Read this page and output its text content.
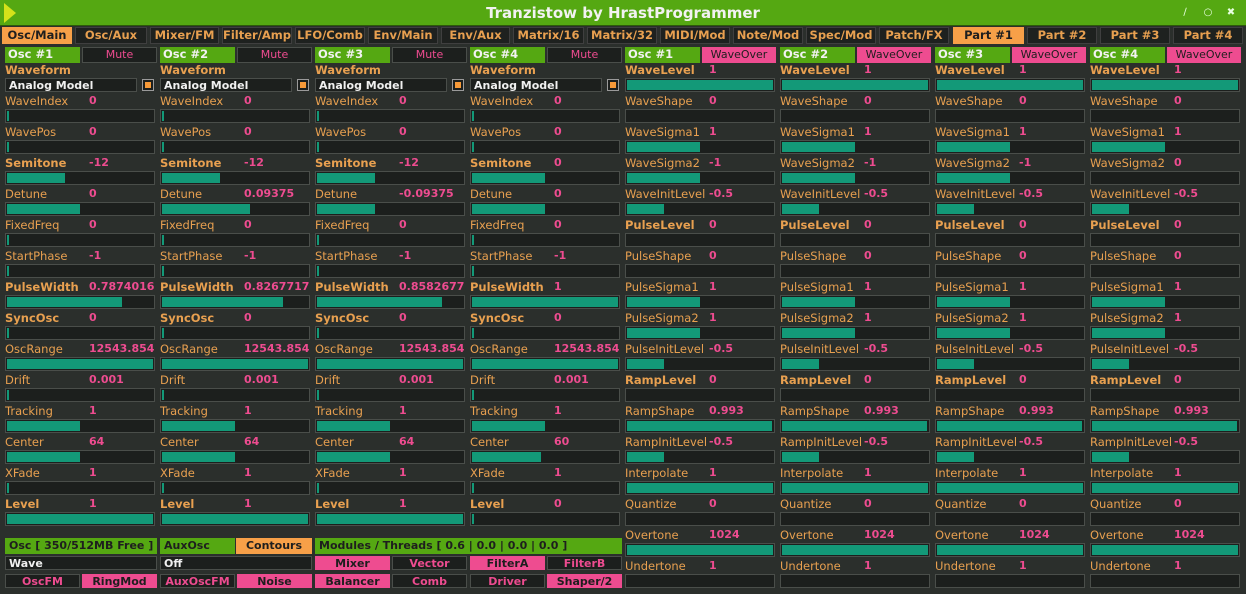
Tranzistow by HrastProgrammer	∕	○	✖
Osc/Main	Osc/Aux	Mixer/FM Filter/Amp LFO/Comb Env/Main	Env/Aux	Matrix/16	Matrix/32 MIDI/Mod Note/Mod Spec/Mod	Patch/FX	Part #1	Part #2	Part #3	Part #4
Osc #1	Mute
Waveform
Analog Model
WaveIndex	0
WavePos	0
Semitone	-12
Detune	0
FixedFreq	0
StartPhase	-1
PulseWidth 0.7874016
SyncOsc	0
OscRange	12543.854
Drift	0.001
Tracking	1
Center	64
XFade	1
Level	1
Osc #2	Mute
Waveform
Analog Model
WaveIndex	0
WavePos	0
Semitone	-12
Detune	0.09375
FixedFreq	0
StartPhase	-1
PulseWidth 0.8267717
SyncOsc	0
OscRange	12543.854
Drift	0.001
Tracking	1
Center	64
XFade	1
Level	1
Osc #3	Mute
Waveform
Analog Model
WaveIndex	0
WavePos	0
Semitone	-12
Detune	-0.09375
FixedFreq	0
StartPhase	-1
PulseWidth 0.8582677
SyncOsc	0
OscRange	12543.854
Drift	0.001
Tracking	1
Center	64
XFade	1
Level	1
Osc #4	Mute
Waveform
Analog Model
WaveIndex	0
WavePos	0
Semitone	0
Detune	0
FixedFreq	0
StartPhase	-1
PulseWidth 1
SyncOsc	0
OscRange	12543.854
Drift	0.001
Tracking	1
Center	60
XFade	1
Level	0
Osc #1	WaveOver
WaveLevel	1
WaveShape	0
WaveSigma1 1
WaveSigma2 -1
WaveInitLevel -0.5
PulseLevel	0
PulseShape	0
PulseSigma1 1
PulseSigma2 1
PulseInitLevel -0.5
RampLevel	0
RampShape	0.993
RampInitLevel -0.5
Interpolate	1
Quantize	0
Overtone	1024
Undertone	1
Osc #2	WaveOver
WaveLevel	1
WaveShape	0
WaveSigma1 1
WaveSigma2 -1
WaveInitLevel -0.5
PulseLevel	0
PulseShape	0
PulseSigma1 1
PulseSigma2 1
PulseInitLevel -0.5
RampLevel	0
RampShape	0.993
RampInitLevel -0.5
Interpolate	1
Quantize	0
Overtone	1024
Undertone	1
Osc #3	WaveOver
WaveLevel	1
WaveShape	0
WaveSigma1 1
WaveSigma2 -1
WaveInitLevel -0.5
PulseLevel	0
PulseShape	0
PulseSigma1 1
PulseSigma2 1
PulseInitLevel -0.5
RampLevel	0
RampShape	0.993
RampInitLevel -0.5
Interpolate	1
Quantize	0
Overtone	1024
Undertone	1
Osc #4	WaveOver
WaveLevel	1
WaveShape	0
WaveSigma1 1
WaveSigma2 0
WaveInitLevel -0.5
PulseLevel	0
PulseShape	0
PulseSigma1 1
PulseSigma2 1
PulseInitLevel -0.5
RampLevel	0
RampShape	0.993
RampInitLevel -0.5
Interpolate	1
Quantize	0
Overtone	1024
Undertone	1
Osc [ 350/512MB Free ] AuxOsc	Contours	Modules / Threads [ 0.6 | 0.0 | 0.0 | 0.0 ]
Wave	Off
OscFM	RingMod	AuxOscFM	Noise
Mixer	Vector	FilterA	FilterB
Balancer	Comb	Driver	Shaper/2
